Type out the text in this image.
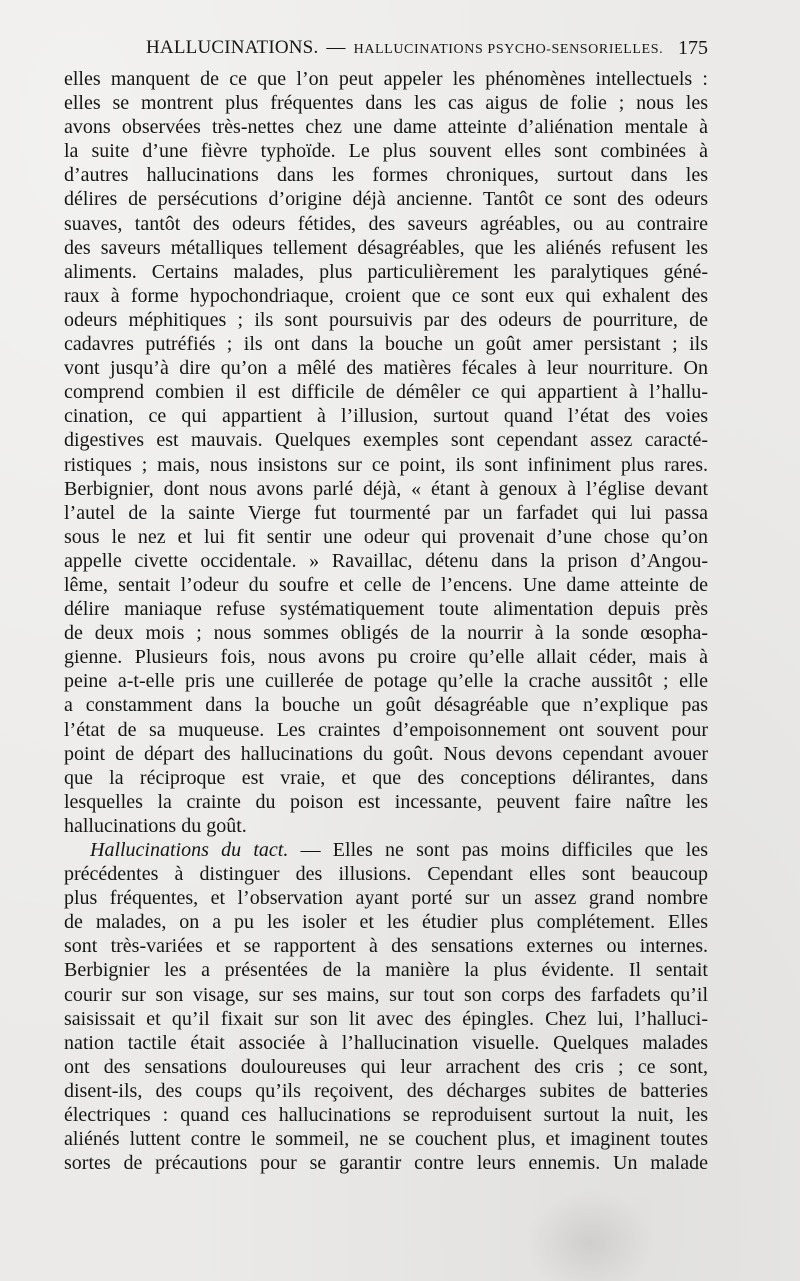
HALLUCINATIONS. — HALLUCINATIONS PSYCHO-SENSORIELLES. 175
elles manquent de ce que l’on peut appeler les phénomènes intellectuels :
elles se montrent plus fréquentes dans les cas aigus de folie ; nous les
avons observées très-nettes chez une dame atteinte d’aliénation mentale à
la suite d’une fièvre typhoïde. Le plus souvent elles sont combinées à
d’autres hallucinations dans les formes chroniques, surtout dans les
délires de persécutions d’origine déjà ancienne. Tantôt ce sont des odeurs
suaves, tantôt des odeurs fétides, des saveurs agréables, ou au contraire
des saveurs métalliques tellement désagréables, que les aliénés refusent les
aliments. Certains malades, plus particulièrement les paralytiques géné-
raux à forme hypochondriaque, croient que ce sont eux qui exhalent des
odeurs méphitiques ; ils sont poursuivis par des odeurs de pourriture, de
cadavres putréfiés ; ils ont dans la bouche un goût amer persistant ; ils
vont jusqu’à dire qu’on a mêlé des matières fécales à leur nourriture. On
comprend combien il est difficile de démêler ce qui appartient à l’hallu-
cination, ce qui appartient à l’illusion, surtout quand l’état des voies
digestives est mauvais. Quelques exemples sont cependant assez caracté-
ristiques ; mais, nous insistons sur ce point, ils sont infiniment plus rares.
Berbignier, dont nous avons parlé déjà, « étant à genoux à l’église devant
l’autel de la sainte Vierge fut tourmenté par un farfadet qui lui passa
sous le nez et lui fit sentir une odeur qui provenait d’une chose qu’on
appelle civette occidentale. » Ravaillac, détenu dans la prison d’Angou-
lême, sentait l’odeur du soufre et celle de l’encens. Une dame atteinte de
délire maniaque refuse systématiquement toute alimentation depuis près
de deux mois ; nous sommes obligés de la nourrir à la sonde œsopha-
gienne. Plusieurs fois, nous avons pu croire qu’elle allait céder, mais à
peine a-t-elle pris une cuillerée de potage qu’elle la crache aussitôt ; elle
a constamment dans la bouche un goût désagréable que n’explique pas
l’état de sa muqueuse. Les craintes d’empoisonnement ont souvent pour
point de départ des hallucinations du goût. Nous devons cependant avouer
que la réciproque est vraie, et que des conceptions délirantes, dans
lesquelles la crainte du poison est incessante, peuvent faire naître les
hallucinations du goût.
Hallucinations du tact. — Elles ne sont pas moins difficiles que les
précédentes à distinguer des illusions. Cependant elles sont beaucoup
plus fréquentes, et l’observation ayant porté sur un assez grand nombre
de malades, on a pu les isoler et les étudier plus complétement. Elles
sont très-variées et se rapportent à des sensations externes ou internes.
Berbignier les a présentées de la manière la plus évidente. Il sentait
courir sur son visage, sur ses mains, sur tout son corps des farfadets qu’il
saisissait et qu’il fixait sur son lit avec des épingles. Chez lui, l’halluci-
nation tactile était associée à l’hallucination visuelle. Quelques malades
ont des sensations douloureuses qui leur arrachent des cris ; ce sont,
disent-ils, des coups qu’ils reçoivent, des décharges subites de batteries
électriques : quand ces hallucinations se reproduisent surtout la nuit, les
aliénés luttent contre le sommeil, ne se couchent plus, et imaginent toutes
sortes de précautions pour se garantir contre leurs ennemis. Un malade
